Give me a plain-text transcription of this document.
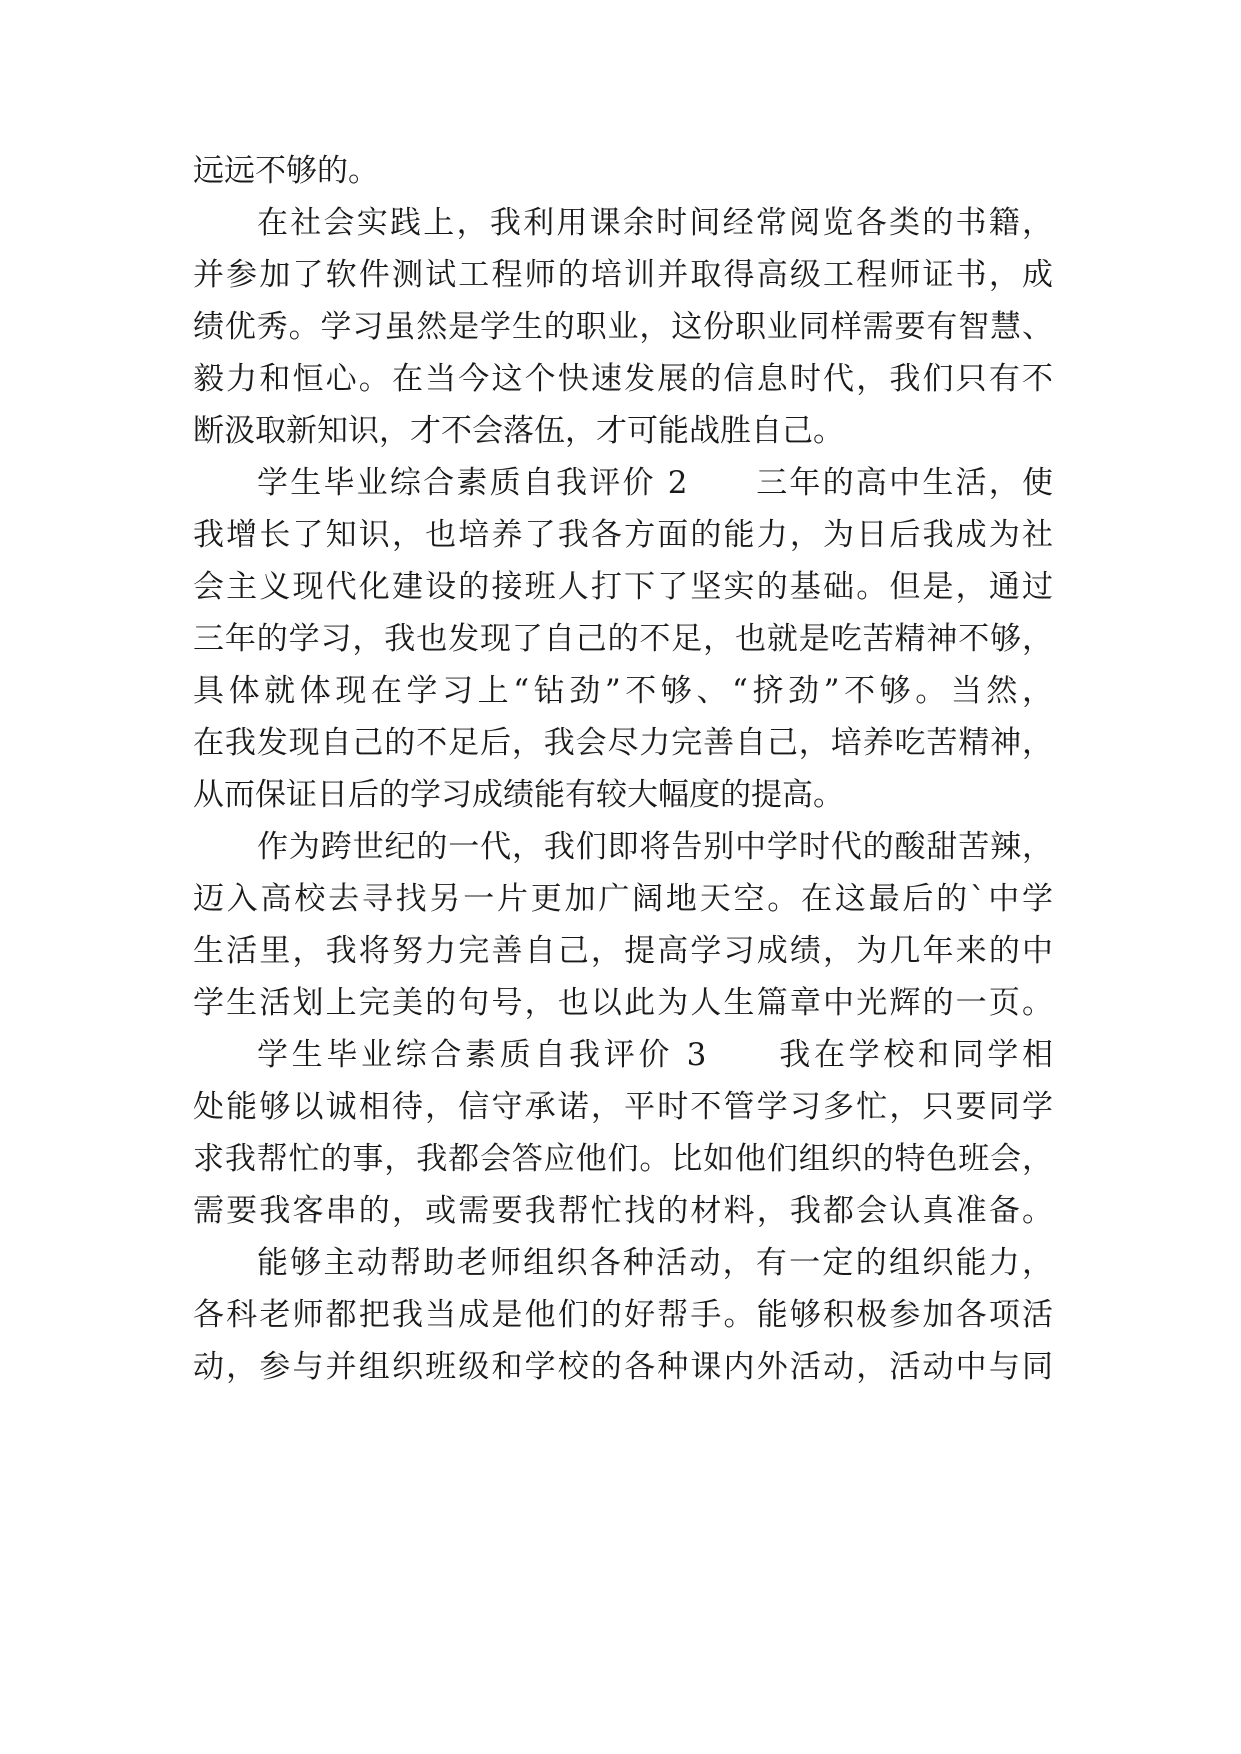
远远不够的。
在社会实践上，我利用课余时间经常阅览各类的书籍，
并参加了软件测试工程师的培训并取得高级工程师证书，成
绩优秀。学习虽然是学生的职业，这份职业同样需要有智慧、
毅力和恒心。在当今这个快速发展的信息时代，我们只有不
断汲取新知识，才不会落伍，才可能战胜自己。
学生毕业综合素质自我评价 2　　三年的高中生活，使
我增长了知识，也培养了我各方面的能力，为日后我成为社
会主义现代化建设的接班人打下了坚实的基础。但是，通过
三年的学习，我也发现了自己的不足，也就是吃苦精神不够，
具体就体现在学习上“钻劲”不够、“挤劲”不够。当然，
在我发现自己的不足后，我会尽力完善自己，培养吃苦精神，
从而保证日后的学习成绩能有较大幅度的提高。
作为跨世纪的一代，我们即将告别中学时代的酸甜苦辣，
迈入高校去寻找另一片更加广阔地天空。在这最后的`中学
生活里，我将努力完善自己，提高学习成绩，为几年来的中
学生活划上完美的句号，也以此为人生篇章中光辉的一页。
学生毕业综合素质自我评价 3　　我在学校和同学相
处能够以诚相待，信守承诺，平时不管学习多忙，只要同学
求我帮忙的事，我都会答应他们。比如他们组织的特色班会，
需要我客串的，或需要我帮忙找的材料，我都会认真准备。
能够主动帮助老师组织各种活动，有一定的组织能力，
各科老师都把我当成是他们的好帮手。能够积极参加各项活
动，参与并组织班级和学校的各种课内外活动，活动中与同
